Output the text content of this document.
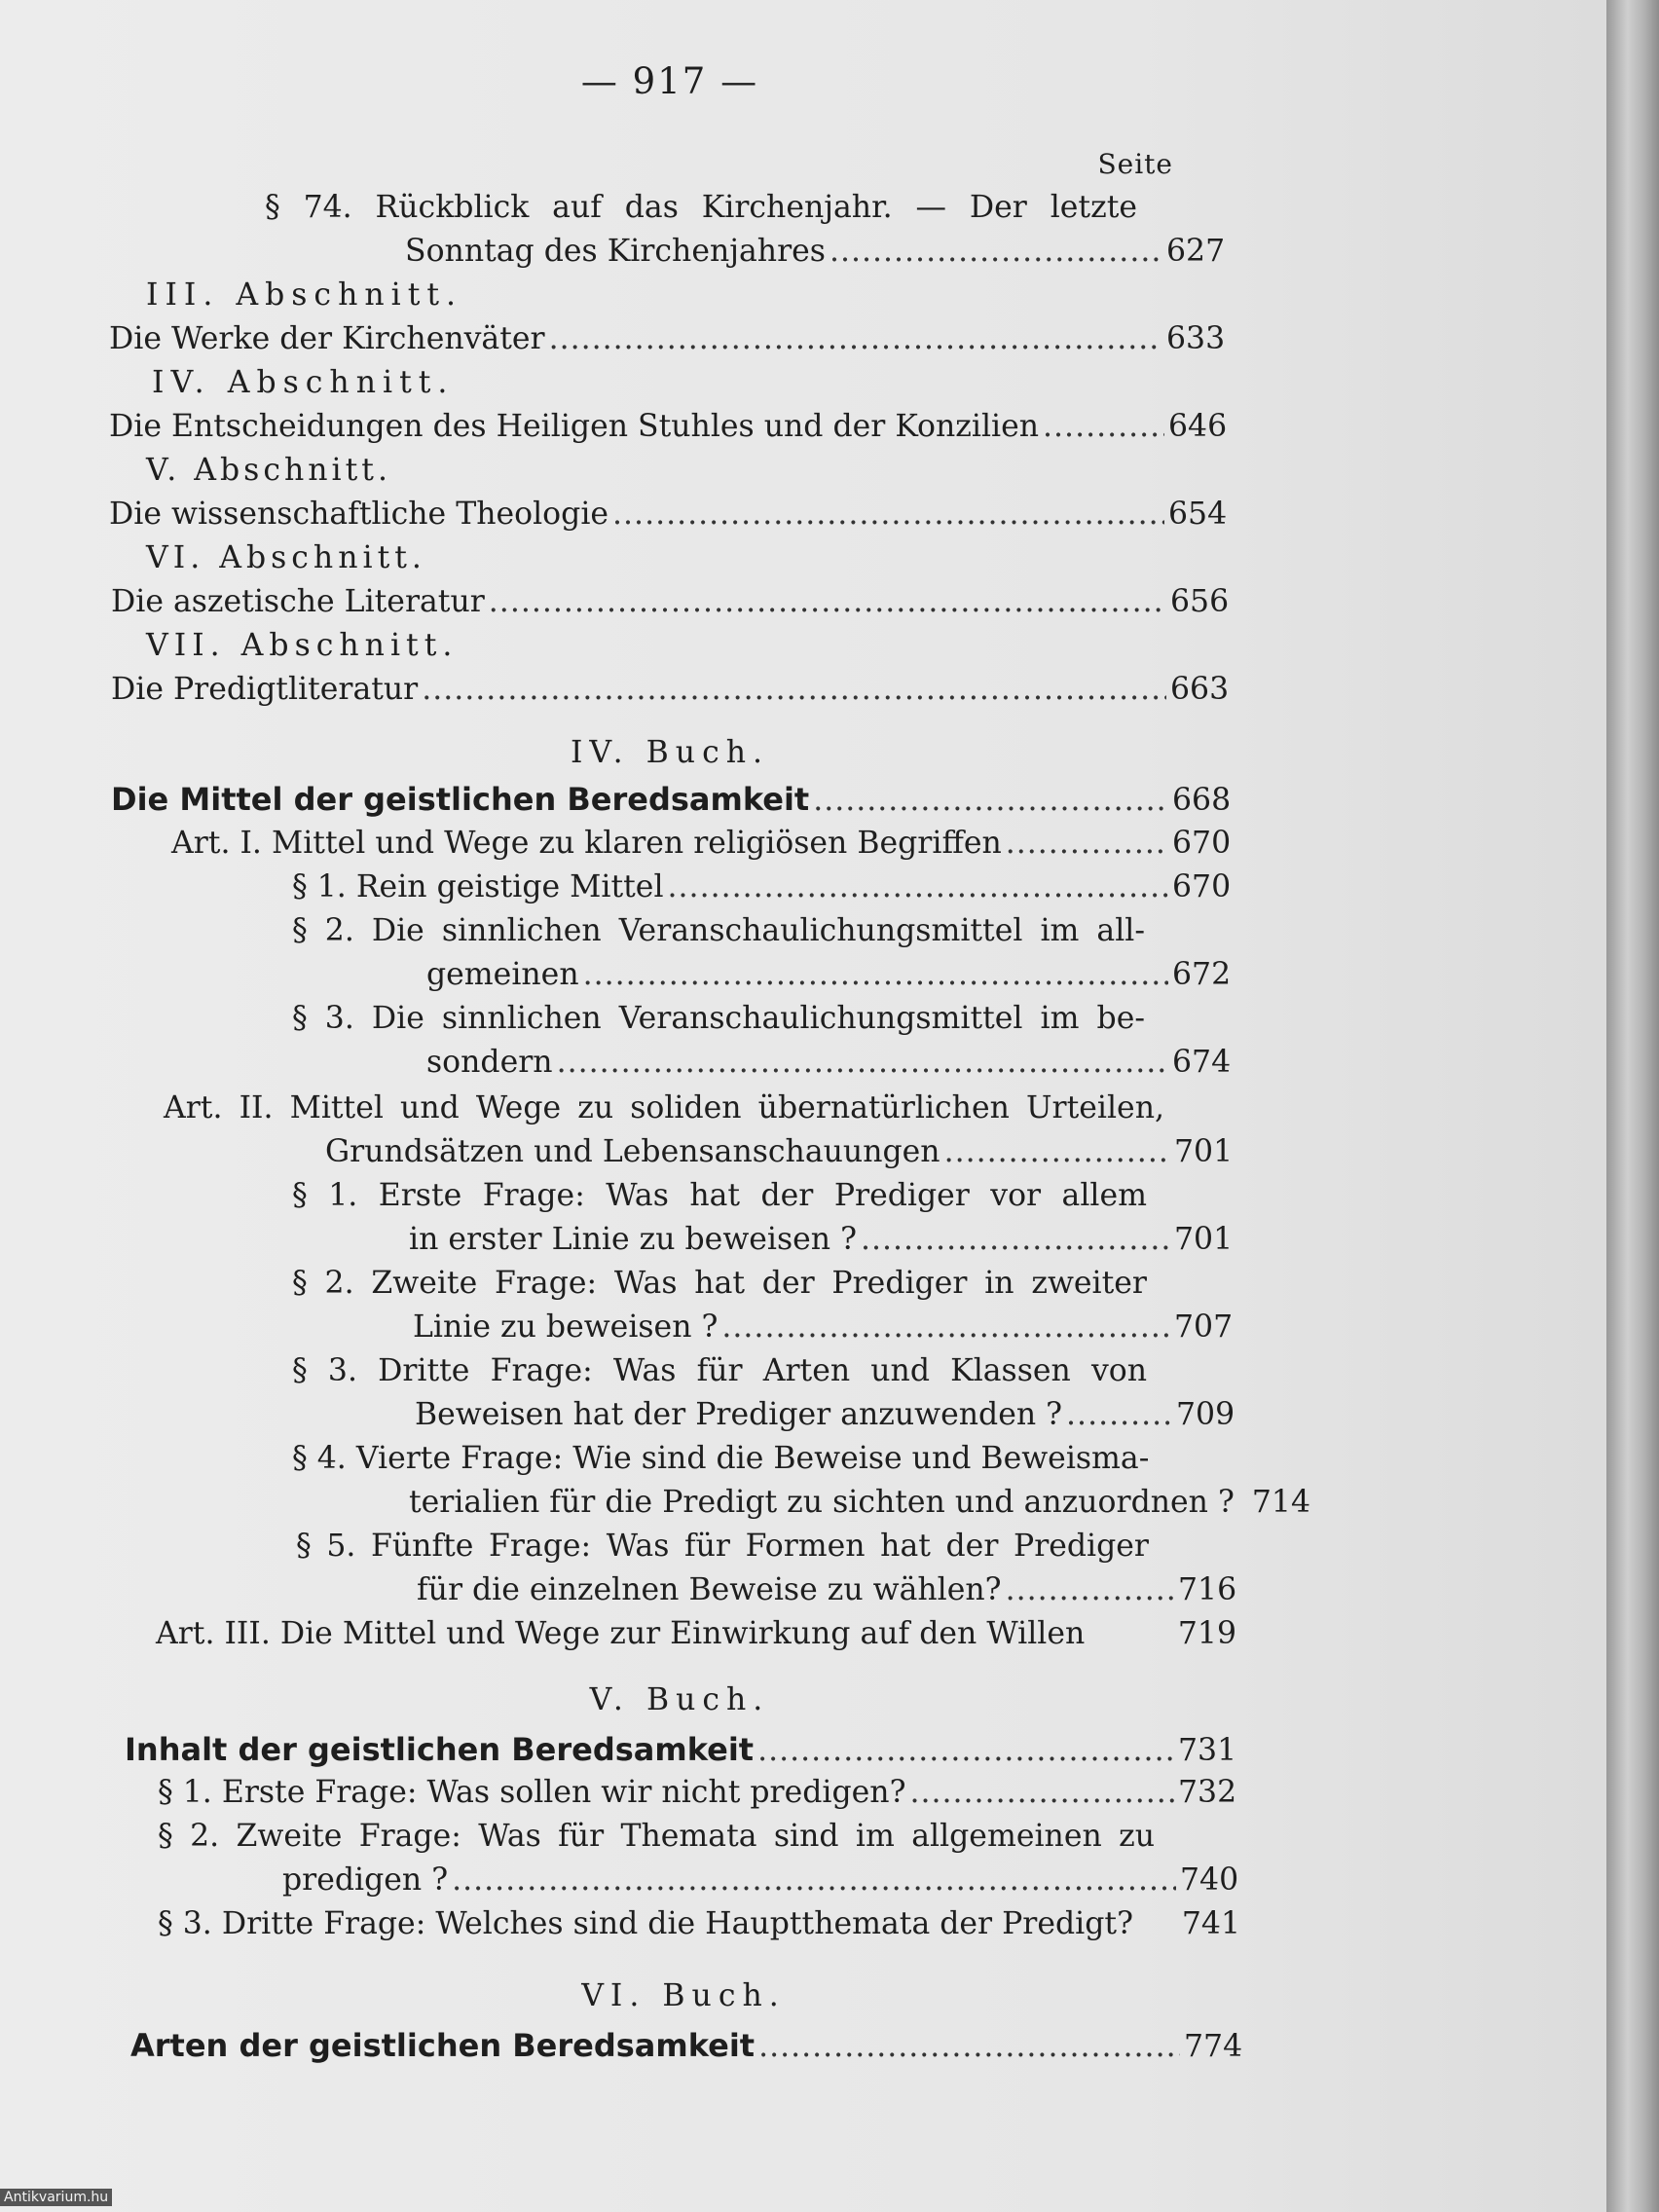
— 917 —
Seite
§ 74. Rückblick auf das Kirchenjahr. — Der letzte
Sonntag des Kirchenjahres .....	627
III. Abschnitt.
Die Werke der Kirchenväter .....	633
IV. Abschnitt.
Die Entscheidungen des Heiligen Stuhles und der Konzilien .....	646
V. Abschnitt.
Die wissenschaftliche Theologie .....	654
VI. Abschnitt.
Die aszetische Literatur .....	656
VII. Abschnitt.
Die Predigtliteratur .....	663
IV. Buch.
Die Mittel der geistlichen Beredsamkeit .....	668
Art. I. Mittel und Wege zu klaren religiösen Begriffen .....	670
§ 1. Rein geistige Mittel .....	670
§ 2. Die sinnlichen Veranschaulichungsmittel im all-
gemeinen .....	672
§ 3. Die sinnlichen Veranschaulichungsmittel im be-
sondern .....	674
Art. II. Mittel und Wege zu soliden übernatürlichen Urteilen,
Grundsätzen und Lebensanschauungen .....	701
§ 1. Erste Frage: Was hat der Prediger vor allem
in erster Linie zu beweisen ? .....	701
§ 2. Zweite Frage: Was hat der Prediger in zweiter
Linie zu beweisen ? .....	707
§ 3. Dritte Frage: Was für Arten und Klassen von
Beweisen hat der Prediger anzuwenden ? .....	709
§ 4. Vierte Frage: Wie sind die Beweise und Beweisma-
terialien für die Predigt zu sichten und anzuordnen ? 714
§ 5. Fünfte Frage: Was für Formen hat der Prediger
für die einzelnen Beweise zu wählen? .....	716
Art. III. Die Mittel und Wege zur Einwirkung auf den Willen	719
V. Buch.
Inhalt der geistlichen Beredsamkeit .....	731
§ 1. Erste Frage: Was sollen wir nicht predigen? .....	732
§ 2. Zweite Frage: Was für Themata sind im allgemeinen zu
predigen ? .....	740
§ 3. Dritte Frage: Welches sind die Hauptthemata der Predigt? 741
VI. Buch.
Arten der geistlichen Beredsamkeit .....	774
Antikvarium.hu
